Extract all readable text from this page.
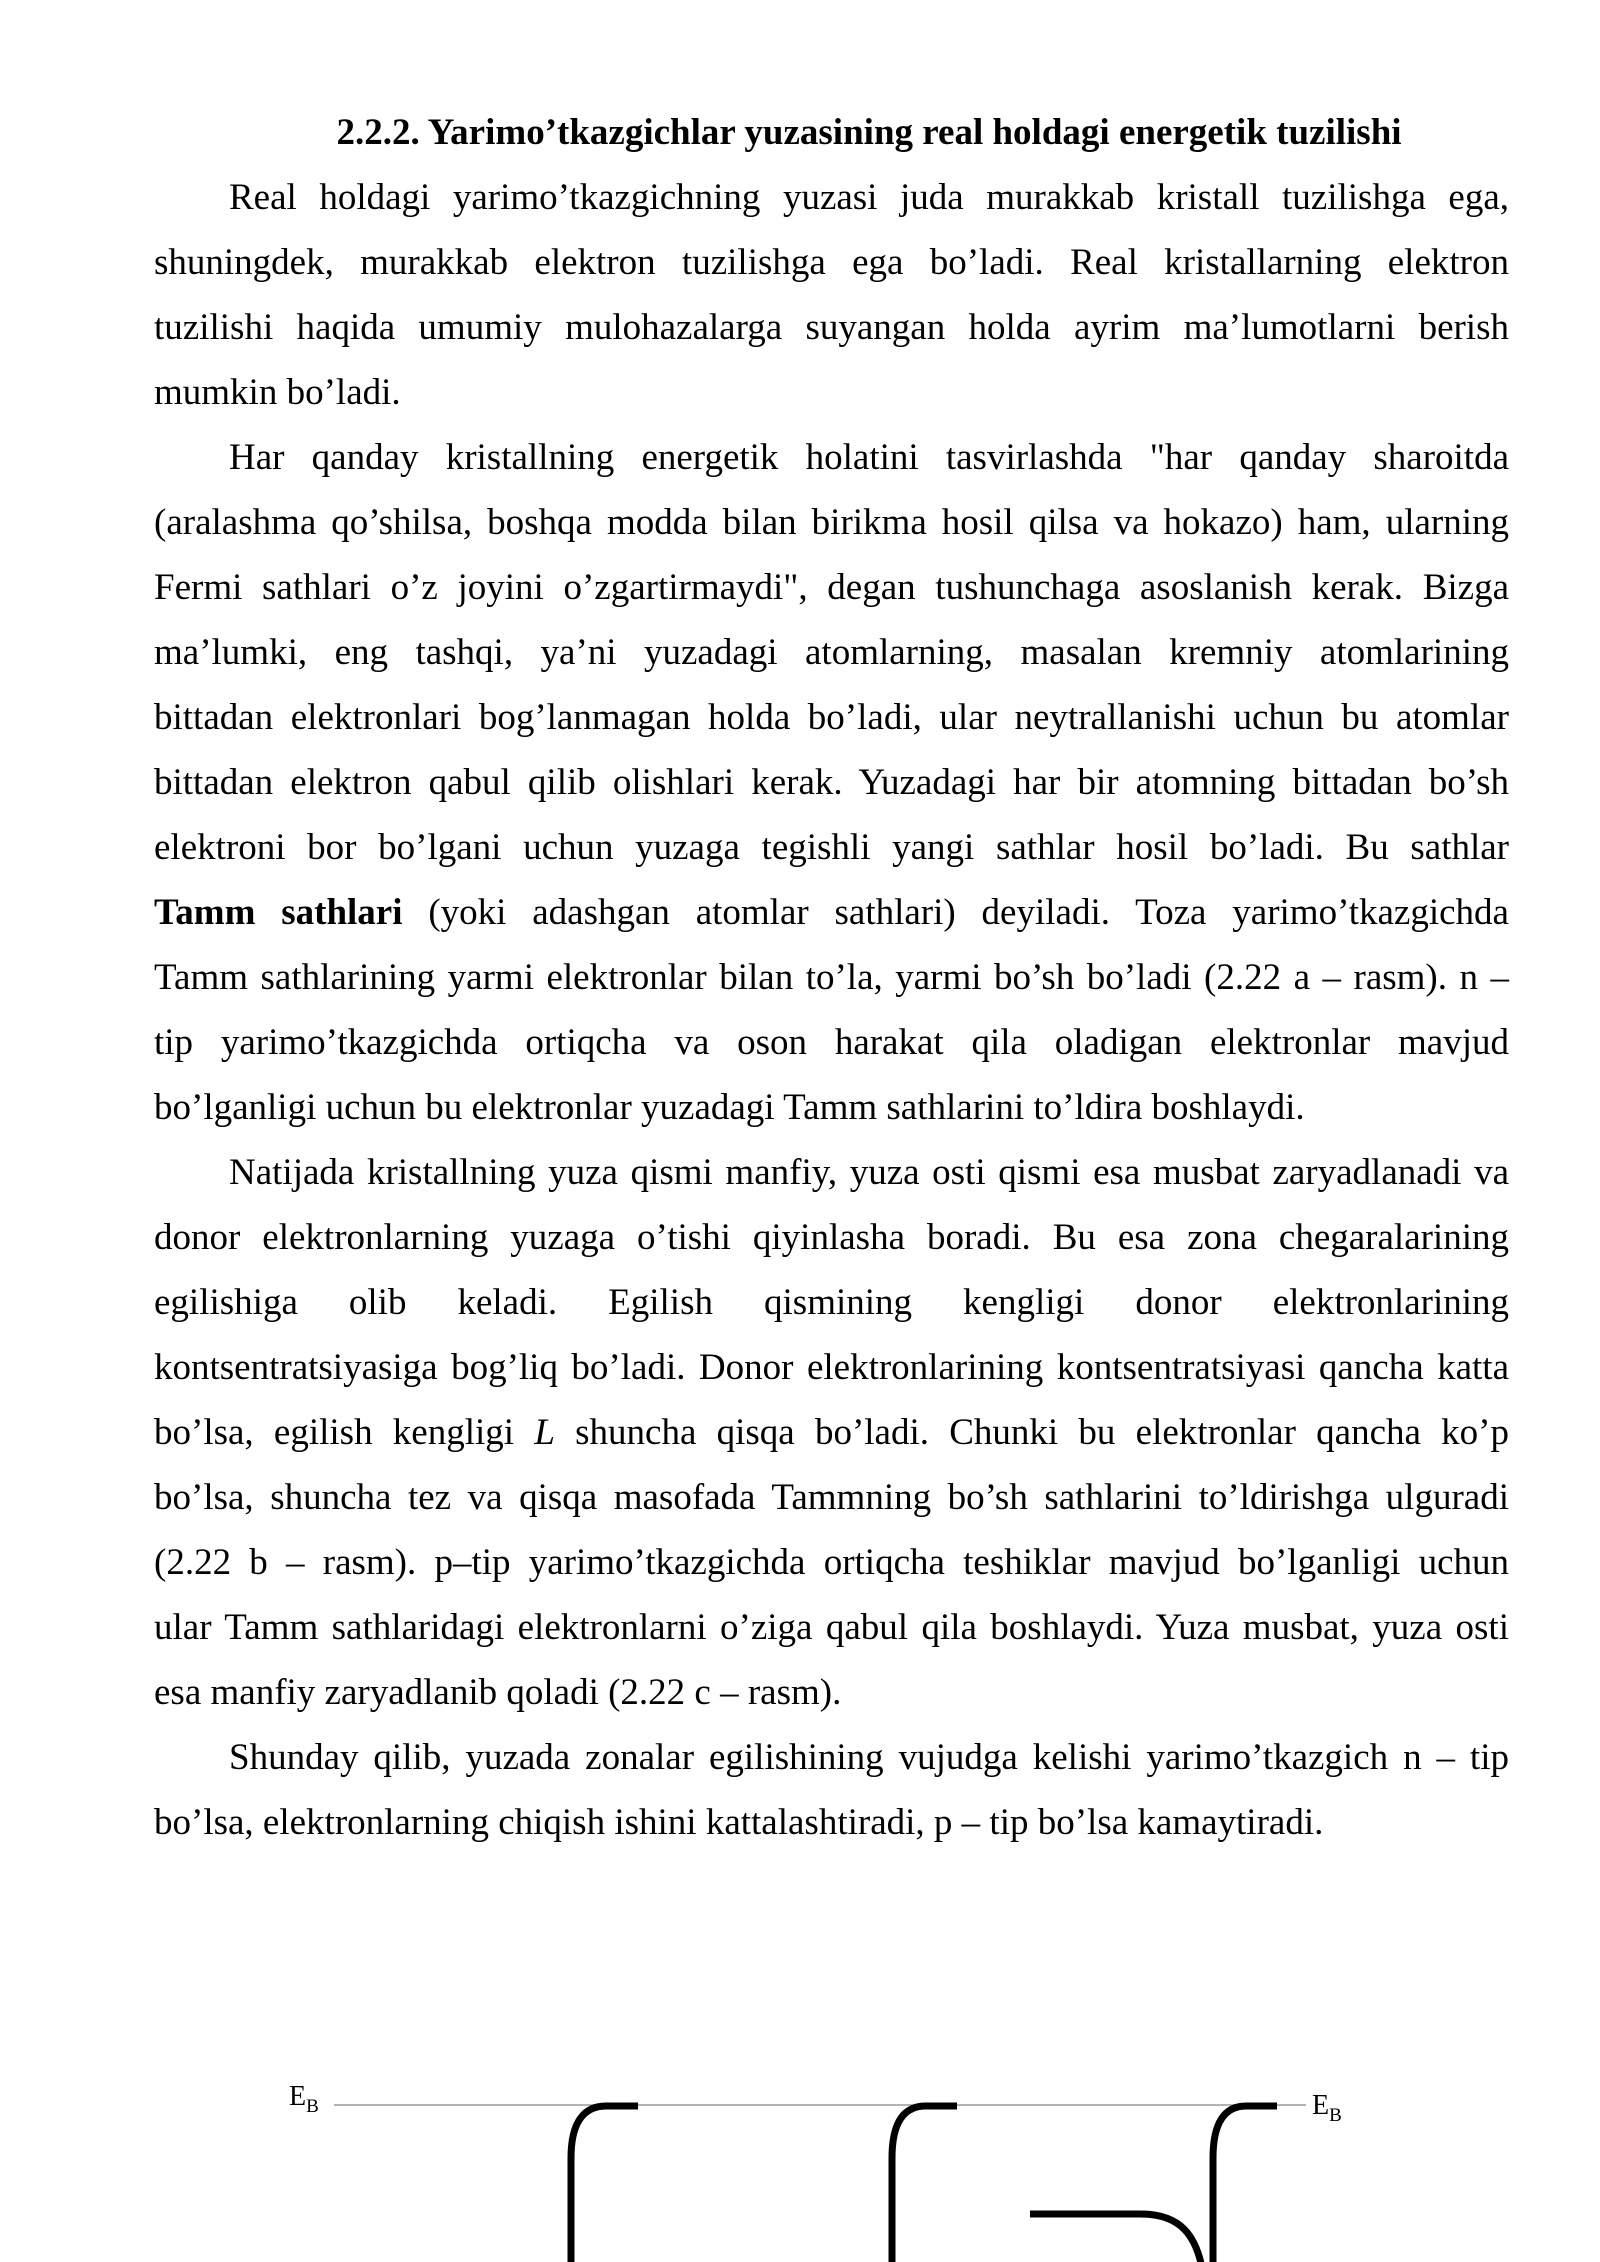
2.2.2. Yarimo’tkazgichlar yuzasining real holdagi energetik tuzilishi
Real holdagi yarimo’tkazgichning yuzasi juda murakkab kristall tuzilishga ega,
shuningdek, murakkab elektron tuzilishga ega bo’ladi. Real kristallarning elektron
tuzilishi haqida umumiy mulohazalarga suyangan holda ayrim ma’lumotlarni berish
mumkin bo’ladi.
Har qanday kristallning energetik holatini tasvirlashda "har qanday sharoitda
(aralashma qo’shilsa, boshqa modda bilan birikma hosil qilsa va hokazo) ham, ularning
Fermi sathlari o’z joyini o’zgartirmaydi", degan tushunchaga asoslanish kerak. Bizga
ma’lumki, eng tashqi, ya’ni yuzadagi atomlarning, masalan kremniy atomlarining
bittadan elektronlari bog’lanmagan holda bo’ladi, ular neytrallanishi uchun bu atomlar
bittadan elektron qabul qilib olishlari kerak. Yuzadagi har bir atomning bittadan bo’sh
elektroni bor bo’lgani uchun yuzaga tegishli yangi sathlar hosil bo’ladi. Bu sathlar
Tamm sathlari (yoki adashgan atomlar sathlari) deyiladi. Toza yarimo’tkazgichda
Tamm sathlarining yarmi elektronlar bilan to’la, yarmi bo’sh bo’ladi (2.22 a – rasm). n –
tip yarimo’tkazgichda ortiqcha va oson harakat qila oladigan elektronlar mavjud
bo’lganligi uchun bu elektronlar yuzadagi Tamm sathlarini to’ldira boshlaydi.
Natijada kristallning yuza qismi manfiy, yuza osti qismi esa musbat zaryadlanadi va
donor elektronlarning yuzaga o’tishi qiyinlasha boradi. Bu esa zona chegaralarining
egilishiga olib keladi. Egilish qismining kengligi donor elektronlarining
kontsentratsiyasiga bog’liq bo’ladi. Donor elektronlarining kontsentratsiyasi qancha katta
bo’lsa, egilish kengligi L shuncha qisqa bo’ladi. Chunki bu elektronlar qancha ko’p
bo’lsa, shuncha tez va qisqa masofada Tammning bo’sh sathlarini to’ldirishga ulguradi
(2.22 b – rasm). p–tip yarimo’tkazgichda ortiqcha teshiklar mavjud bo’lganligi uchun
ular Tamm sathlaridagi elektronlarni o’ziga qabul qila boshlaydi. Yuza musbat, yuza osti
esa manfiy zaryadlanib qoladi (2.22 c – rasm).
Shunday qilib, yuzada zonalar egilishining vujudga kelishi yarimo’tkazgich n – tip
bo’lsa, elektronlarning chiqish ishini kattalashtiradi, p – tip bo’lsa kamaytiradi.
$E_B$	$E_B$
